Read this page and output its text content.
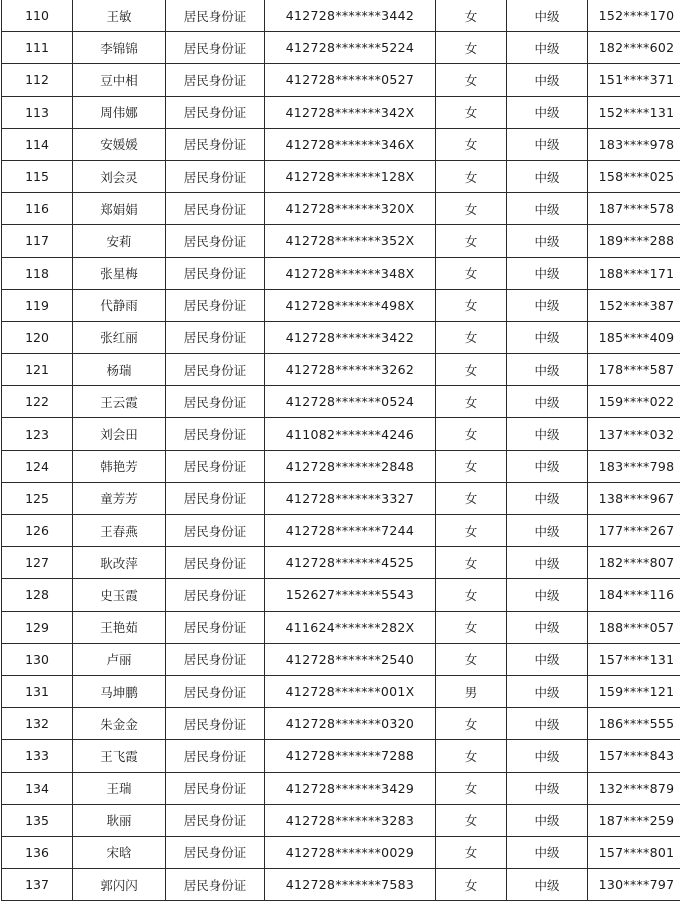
110	王敏	居民身份证	412728*******3442	女	中级	152****170
111	李锦锦	居民身份证	412728*******5224	女	中级	182****602
112	豆中相	居民身份证	412728*******0527	女	中级	151****371
113	周伟娜	居民身份证	412728*******342X	女	中级	152****131
114	安媛媛	居民身份证	412728*******346X	女	中级	183****978
115	刘会灵	居民身份证	412728*******128X	女	中级	158****025
116	郑娟娟	居民身份证	412728*******320X	女	中级	187****578
117	安莉	居民身份证	412728*******352X	女	中级	189****288
118	张星梅	居民身份证	412728*******348X	女	中级	188****171
119	代静雨	居民身份证	412728*******498X	女	中级	152****387
120	张红丽	居民身份证	412728*******3422	女	中级	185****409
121	杨瑞	居民身份证	412728*******3262	女	中级	178****587
122	王云霞	居民身份证	412728*******0524	女	中级	159****022
123	刘会田	居民身份证	411082*******4246	女	中级	137****032
124	韩艳芳	居民身份证	412728*******2848	女	中级	183****798
125	童芳芳	居民身份证	412728*******3327	女	中级	138****967
126	王春燕	居民身份证	412728*******7244	女	中级	177****267
127	耿改萍	居民身份证	412728*******4525	女	中级	182****807
128	史玉霞	居民身份证	152627*******5543	女	中级	184****116
129	王艳茹	居民身份证	411624*******282X	女	中级	188****057
130	卢丽	居民身份证	412728*******2540	女	中级	157****131
131	马坤鹏	居民身份证	412728*******001X	男	中级	159****121
132	朱金金	居民身份证	412728*******0320	女	中级	186****555
133	王飞霞	居民身份证	412728*******7288	女	中级	157****843
134	王瑞	居民身份证	412728*******3429	女	中级	132****879
135	耿丽	居民身份证	412728*******3283	女	中级	187****259
136	宋晗	居民身份证	412728*******0029	女	中级	157****801
137	郭闪闪	居民身份证	412728*******7583	女	中级	130****797
